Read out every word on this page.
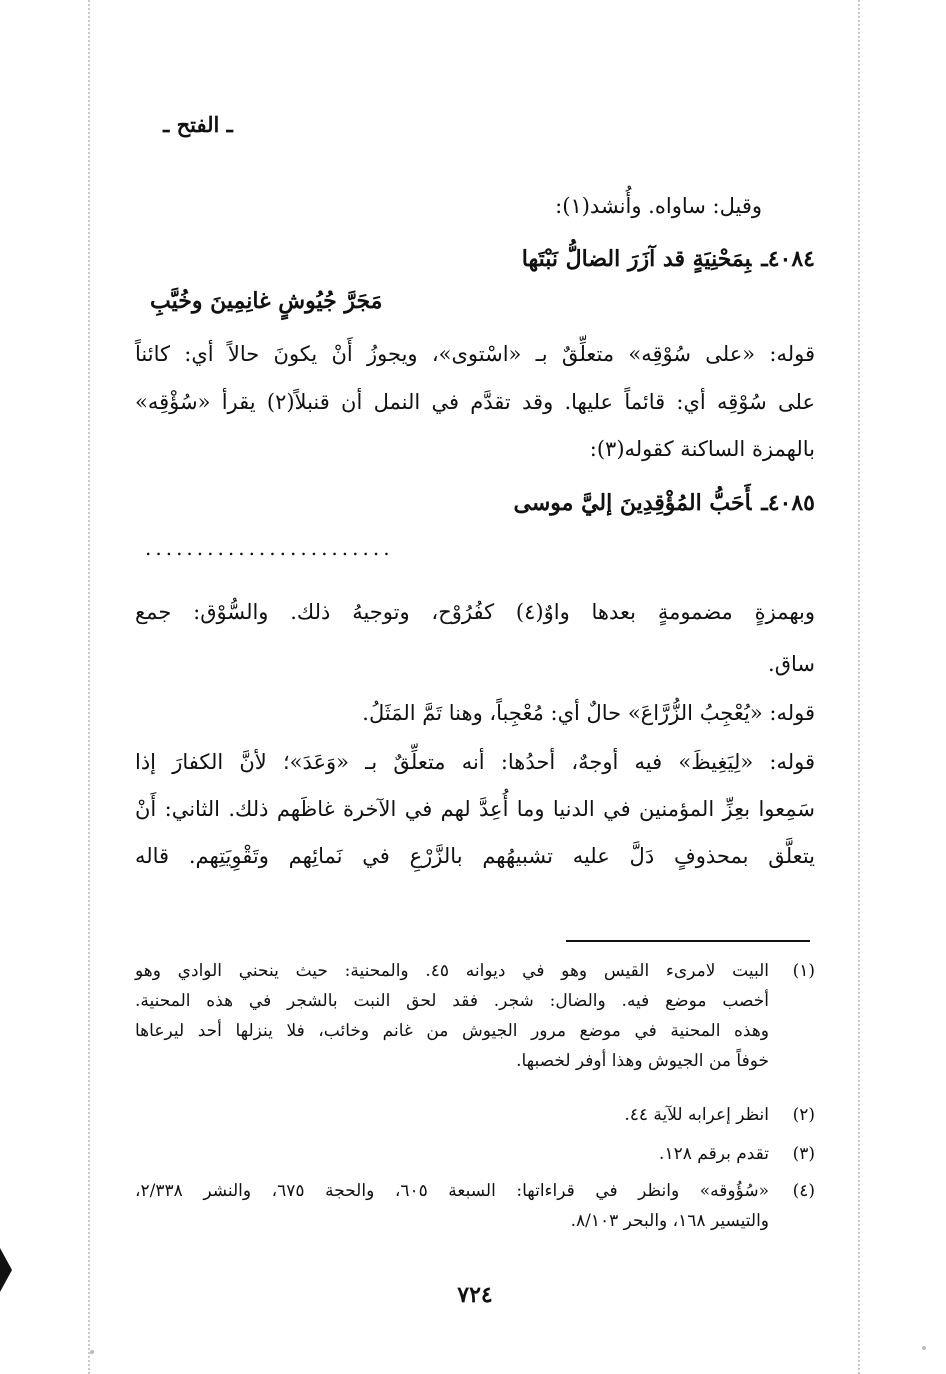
ـ الفتح ـ
وقيل: ساواه. وأُنشد(١):
٤٠٨٤ـبِمَحْنِيَةٍ قد آزَرَ الضالُّ نَبْتَها
مَجَرَّ جُيُوشٍ غانِمِينَ وخُيَّبِ
قوله: «على سُوْقِه» متعلِّقٌ بـ «اسْتوى»، ويجوزُ أَنْ يكونَ حالاً أي: كائناً
على سُوْقِه أي: قائماً عليها. وقد تقدَّم في النمل أن قنبلاً(٢) يقرأ «سُؤْقِه»
بالهمزة الساكنة كقوله(٣):
٤٠٨٥ـأَحَبُّ المُؤْقِدِينَ إليَّ موسى
........................
وبهمزةٍ مضمومةٍ بعدها واوٌ(٤) كفُرُوْح، وتوجيهُ ذلك. والسُّوْق: جمع
ساق.
قوله: «يُعْجِبُ الزُّرَّاعَ» حالٌ أي: مُعْجِباً، وهنا تَمَّ المَثَلُ.
قوله: «لِيَغِيظَ» فيه أوجهٌ، أحدُها: أنه متعلِّقٌ بـ «وَعَدَ»؛ لأنَّ الكفارَ إذا
سَمِعوا بعِزِّ المؤمنين في الدنيا وما أُعِدَّ لهم في الآخرة غاظَهم ذلك. الثاني: أَنْ
يتعلَّق بمحذوفٍ دَلَّ عليه تشبيهُهم بالزَّرْعِ في نَمائِهم وتَقْوِيَتِهم. قاله
(١)
البيت لامرىء القيس وهو في ديوانه ٤٥. والمحنية: حيث ينحني الوادي وهو
أخصب موضع فيه. والضال: شجر. فقد لحق النبت بالشجر في هذه المحنية.
وهذه المحنية في موضع مرور الجيوش من غانم وخائب، فلا ينزلها أحد ليرعاها
خوفاً من الجيوش وهذا أوفر لخصبها.
(٢)
انظر إعرابه للآية ٤٤.
(٣)
تقدم برقم ١٢٨.
(٤)
«سُؤُوقه» وانظر في قراءاتها: السبعة ٦٠٥، والحجة ٦٧٥، والنشر ٢/٣٣٨،
والتيسير ١٦٨، والبحر ٨/١٠٣.
٧٢٤
